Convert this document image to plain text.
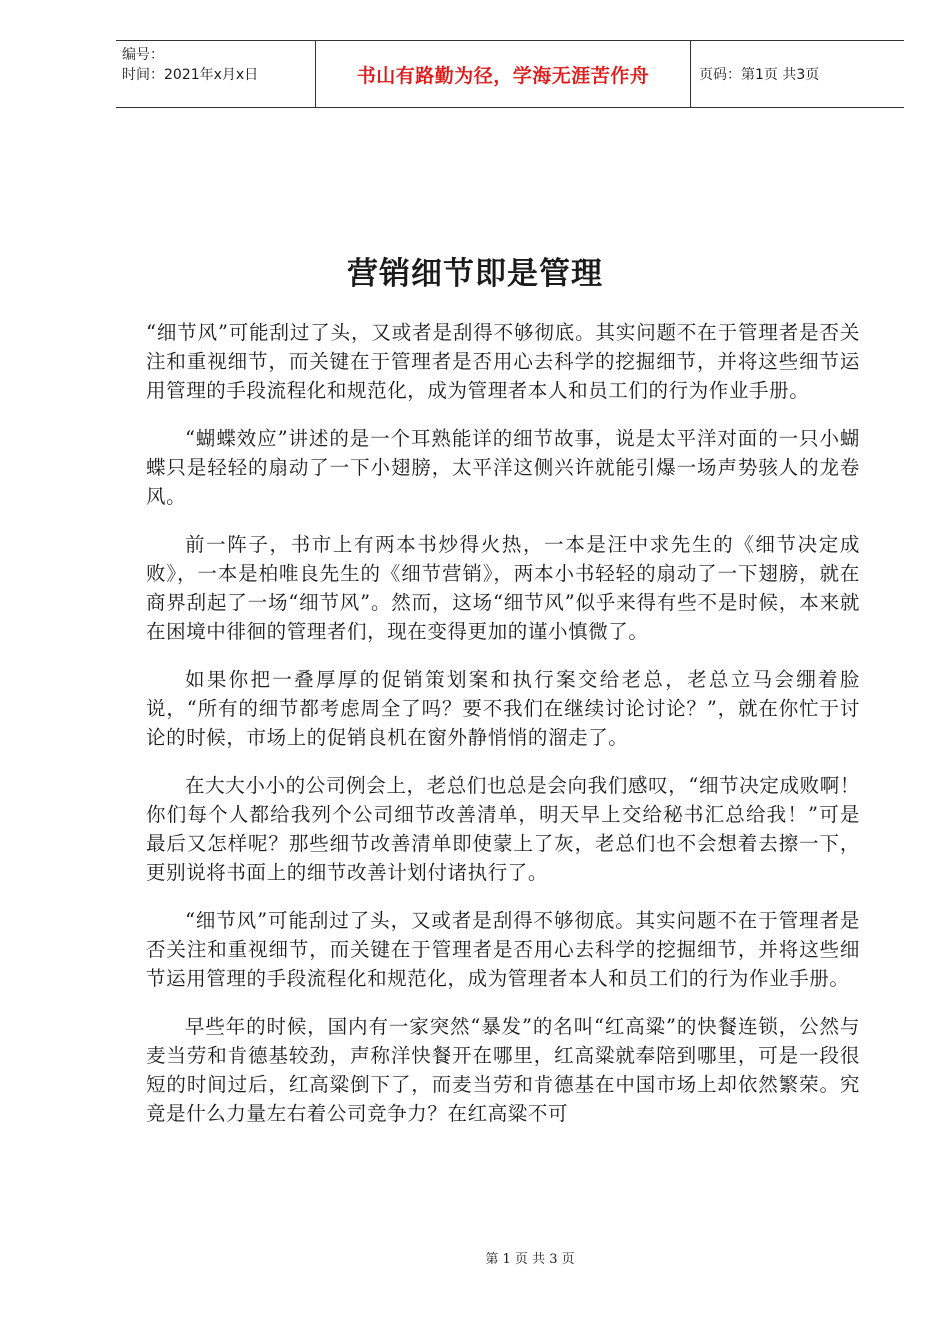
编号：
时间：2021年x月x日	书山有路勤为径，学海无涯苦作舟	页码：第1页 共3页
营销细节即是管理

“细节风”可能刮过了头，又或者是刮得不够彻底。其实问题不在于管理者是否关注和重视细节，而关键在于管理者是否用心去科学的挖掘细节，并将这些细节运用管理的手段流程化和规范化，成为管理者本人和员工们的行为作业手册。

“蝴蝶效应”讲述的是一个耳熟能详的细节故事，说是太平洋对面的一只小蝴蝶只是轻轻的扇动了一下小翅膀，太平洋这侧兴许就能引爆一场声势骇人的龙卷风。

前一阵子，书市上有两本书炒得火热，一本是汪中求先生的《细节决定成败》，一本是柏唯良先生的《细节营销》，两本小书轻轻的扇动了一下翅膀，就在商界刮起了一场“细节风”。然而，这场“细节风”似乎来得有些不是时候，本来就在困境中徘徊的管理者们，现在变得更加的谨小慎微了。

如果你把一叠厚厚的促销策划案和执行案交给老总，老总立马会绷着脸说，“所有的细节都考虑周全了吗？要不我们在继续讨论讨论？”，就在你忙于讨论的时候，市场上的促销良机在窗外静悄悄的溜走了。

在大大小小的公司例会上，老总们也总是会向我们感叹，“细节决定成败啊！你们每个人都给我列个公司细节改善清单，明天早上交给秘书汇总给我！”可是最后又怎样呢？那些细节改善清单即使蒙上了灰，老总们也不会想着去擦一下，更别说将书面上的细节改善计划付诸执行了。

“细节风”可能刮过了头，又或者是刮得不够彻底。其实问题不在于管理者是否关注和重视细节，而关键在于管理者是否用心去科学的挖掘细节，并将这些细节运用管理的手段流程化和规范化，成为管理者本人和员工们的行为作业手册。

早些年的时候，国内有一家突然“暴发”的名叫“红高粱”的快餐连锁，公然与麦当劳和肯德基较劲，声称洋快餐开在哪里，红高粱就奉陪到哪里，可是一段很短的时间过后，红高粱倒下了，而麦当劳和肯德基在中国市场上却依然繁荣。究竟是什么力量左右着公司竞争力？在红高粱不可

第 1 页 共 3 页
